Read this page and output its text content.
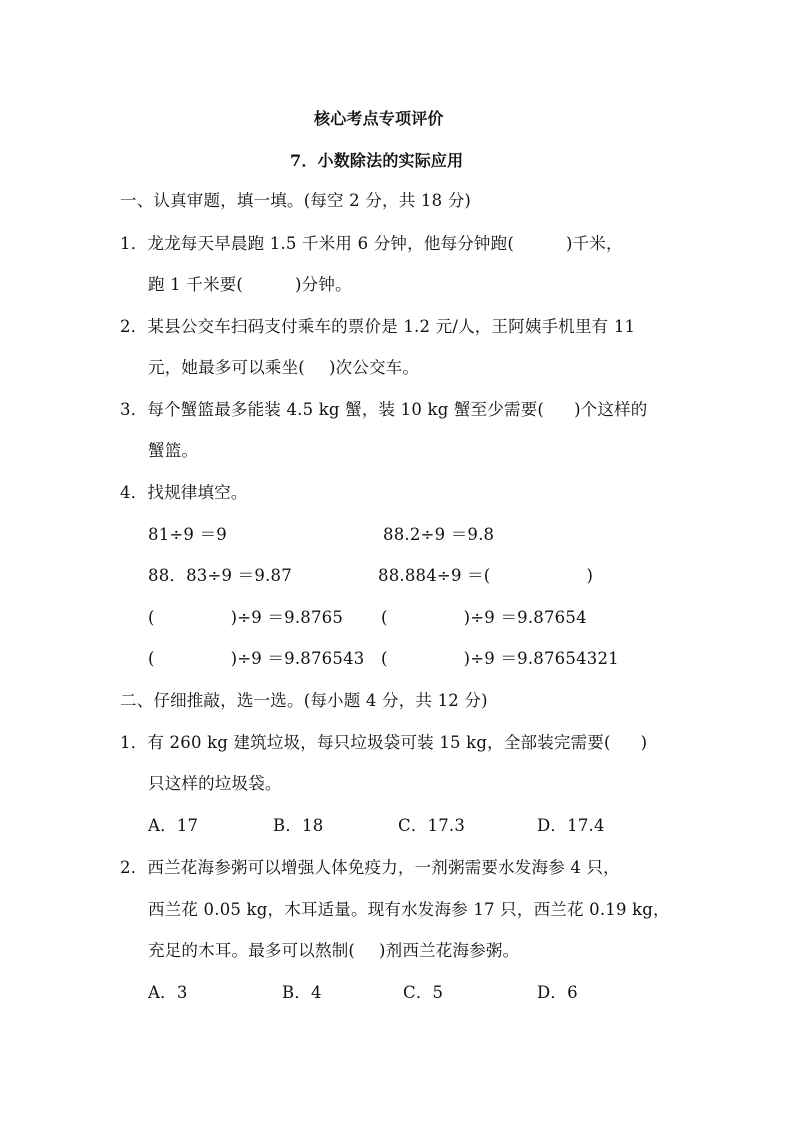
核心考点专项评价
7．小数除法的实际应用
一、认真审题，填一填。(每空 2 分，共 18 分)
1．龙龙每天早晨跑 1.5 千米用 6 分钟，他每分钟跑(	)千米，
跑 1 千米要(	)分钟。
2．某县公交车扫码支付乘车的票价是 1.2 元/人，王阿姨手机里有 11
元，她最多可以乘坐( )次公交车。
3．每个蟹篮最多能装 4.5 kg 蟹，装 10 kg 蟹至少需要( )个这样的
蟹篮。
4．找规律填空。
81÷9 ＝9	88.2÷9 ＝9.8
88．83÷9 ＝9.87	88.884÷9 ＝(	)
(	)÷9 ＝9.8765 (	)÷9 ＝9.87654
(	)÷9 ＝9.876543 (	)÷9 ＝9.87654321
二、仔细推敲，选一选。(每小题 4 分，共 12 分)
1．有 260 kg 建筑垃圾，每只垃圾袋可装 15 kg，全部装完需要( )
只这样的垃圾袋。
A．17	B．18	C．17.3	D．17.4
2．西兰花海参粥可以增强人体免疫力，一剂粥需要水发海参 4 只，
西兰花 0.05 kg，木耳适量。现有水发海参 17 只，西兰花 0.19 kg，
充足的木耳。最多可以熬制( )剂西兰花海参粥。
A．3	B．4	C．5	D．6
